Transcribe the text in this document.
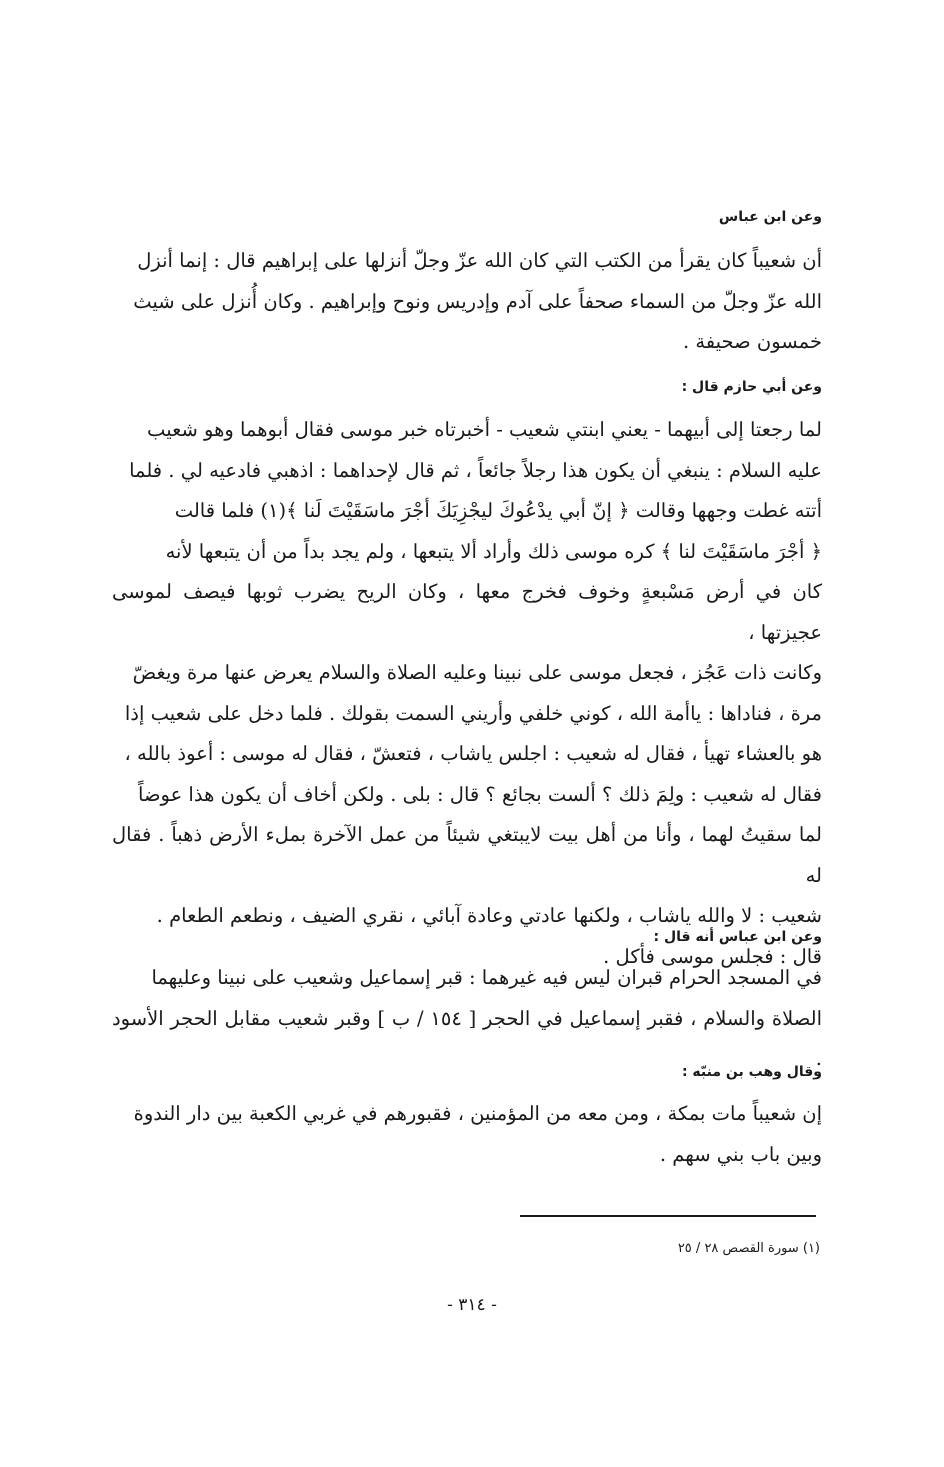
وعن ابن عباس
أن شعيباً كان يقرأ من الكتب التي كان الله عزّ وجلّ أنزلها على إبراهيم قال : إنما أنزل
الله عزّ وجلّ من السماء صحفاً على آدم وإدريس ونوح وإبراهيم . وكان أُنزل على شيث
خمسون صحيفة .
وعن أبي حازم قال :
لما رجعتا إلى أبيهما - يعني ابنتي شعيب - أخبرتاه خبر موسى فقال أبوهما وهو شعيب
عليه السلام : ينبغي أن يكون هذا رجلاً جائعاً ، ثم قال لإحداهما : اذهبي فادعيه لي . فلما
أتته غطت وجهها وقالت ﴿ إنّ أبي يدْعُوكَ ليجْزِيَكَ أجْرَ ماسَقَيْتَ لَنا ﴾(١) فلما قالت
﴿ أجْرَ ماسَقَيْتَ لنا ﴾ كره موسى ذلك وأراد ألا يتبعها ، ولم يجد بداً من أن يتبعها لأنه
كان في أرض مَسْبعةٍ وخوف فخرج معها ، وكان الريح يضرب ثوبها فيصف لموسى عجيزتها ،
وكانت ذات عَجُز ، فجعل موسى على نبينا وعليه الصلاة والسلام يعرض عنها مرة ويغضّ
مرة ، فناداها : ياأمة الله ، كوني خلفي وأريني السمت بقولك . فلما دخل على شعيب إذا
هو بالعشاء تهيأ ، فقال له شعيب : اجلس ياشاب ، فتعشّ ، فقال له موسى : أعوذ بالله ،
فقال له شعيب : ولِمَ ذلك ؟ ألست بجائع ؟ قال : بلى . ولكن أخاف أن يكون هذا عوضاً
لما سقيتُ لهما ، وأنا من أهل بيت لايبتغي شيئاً من عمل الآخرة بملء الأرض ذهباً . فقال له
شعيب : لا والله ياشاب ، ولكنها عادتي وعادة آبائي ، نقري الضيف ، ونطعم الطعام .
قال : فجلس موسى فأكل .
وعن ابن عباس أنه قال :
في المسجد الحرام قبران ليس فيه غيرهما : قبر إسماعيل وشعيب على نبينا وعليهما
الصلاة والسلام ، فقبر إسماعيل في الحجر [ ١٥٤ / ب ] وقبر شعيب مقابل الحجر الأسود .
وقال وهب بن منبّه :
إن شعيباً مات بمكة ، ومن معه من المؤمنين ، فقبورهم في غربي الكعبة بين دار الندوة
وبين باب بني سهم .
(١) سورة القصص ٢٨ / ٢٥
- ٣١٤ -
